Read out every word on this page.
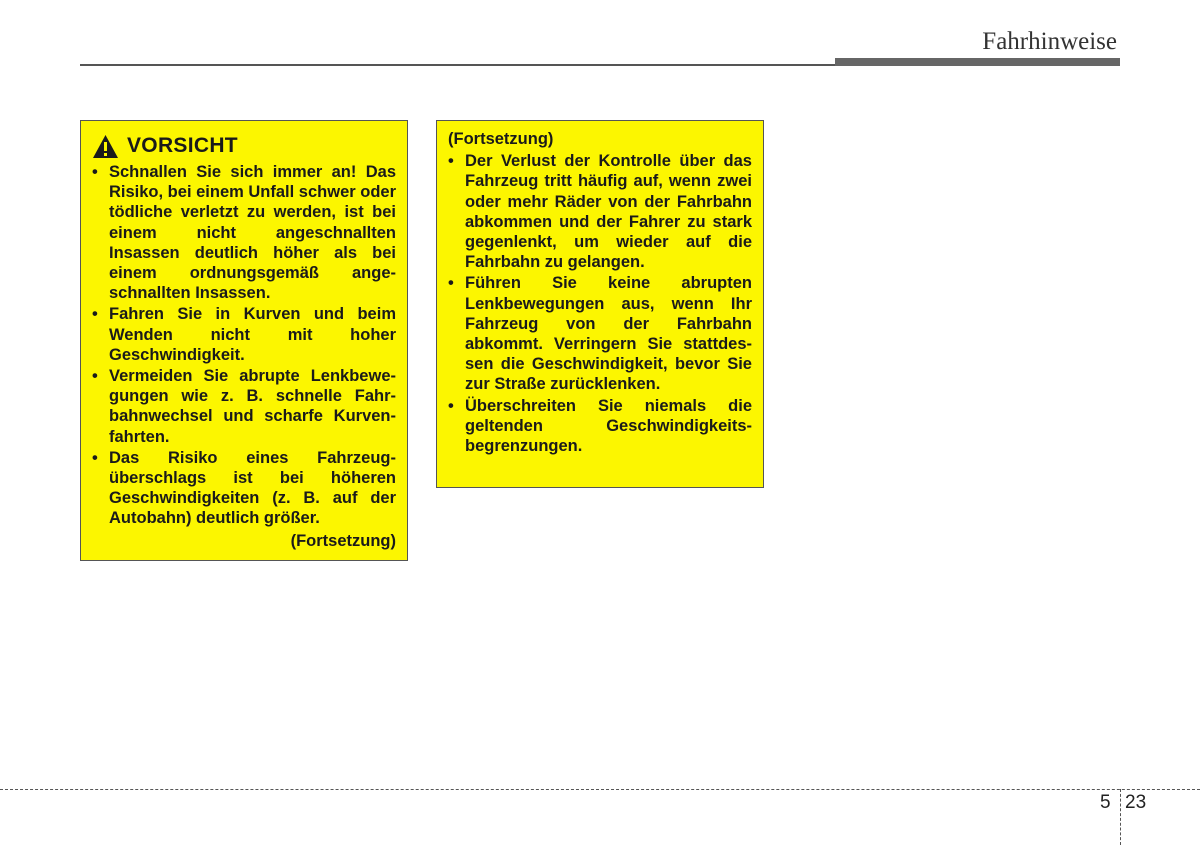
Fahrhinweise
VORSICHT
• Schnallen Sie sich immer an! Das Risiko, bei einem Unfall schwer oder tödliche verletzt zu werden, ist bei einem nicht angeschnallten Insassen deutlich höher als bei einem ordnungsgemäß ange-schnallten Insassen.
• Fahren Sie in Kurven und beim Wenden nicht mit hoher Geschwindigkeit.
• Vermeiden Sie abrupte Lenkbewe-gungen wie z. B. schnelle Fahr-bahnwechsel und scharfe Kurven-fahrten.
• Das Risiko eines Fahrzeug-überschlags ist bei höheren Geschwindigkeiten (z. B. auf der Autobahn) deutlich größer.
(Fortsetzung)
(Fortsetzung)
• Der Verlust der Kontrolle über das Fahrzeug tritt häufig auf, wenn zwei oder mehr Räder von der Fahrbahn abkommen und der Fahrer zu stark gegenlenkt, um wieder auf die Fahrbahn zu gelangen.
• Führen Sie keine abrupten Lenkbewegungen aus, wenn Ihr Fahrzeug von der Fahrbahn abkommt. Verringern Sie stattdes-sen die Geschwindigkeit, bevor Sie zur Straße zurücklenken.
• Überschreiten Sie niemals die geltenden Geschwindigkeits-begrenzungen.
5 23
